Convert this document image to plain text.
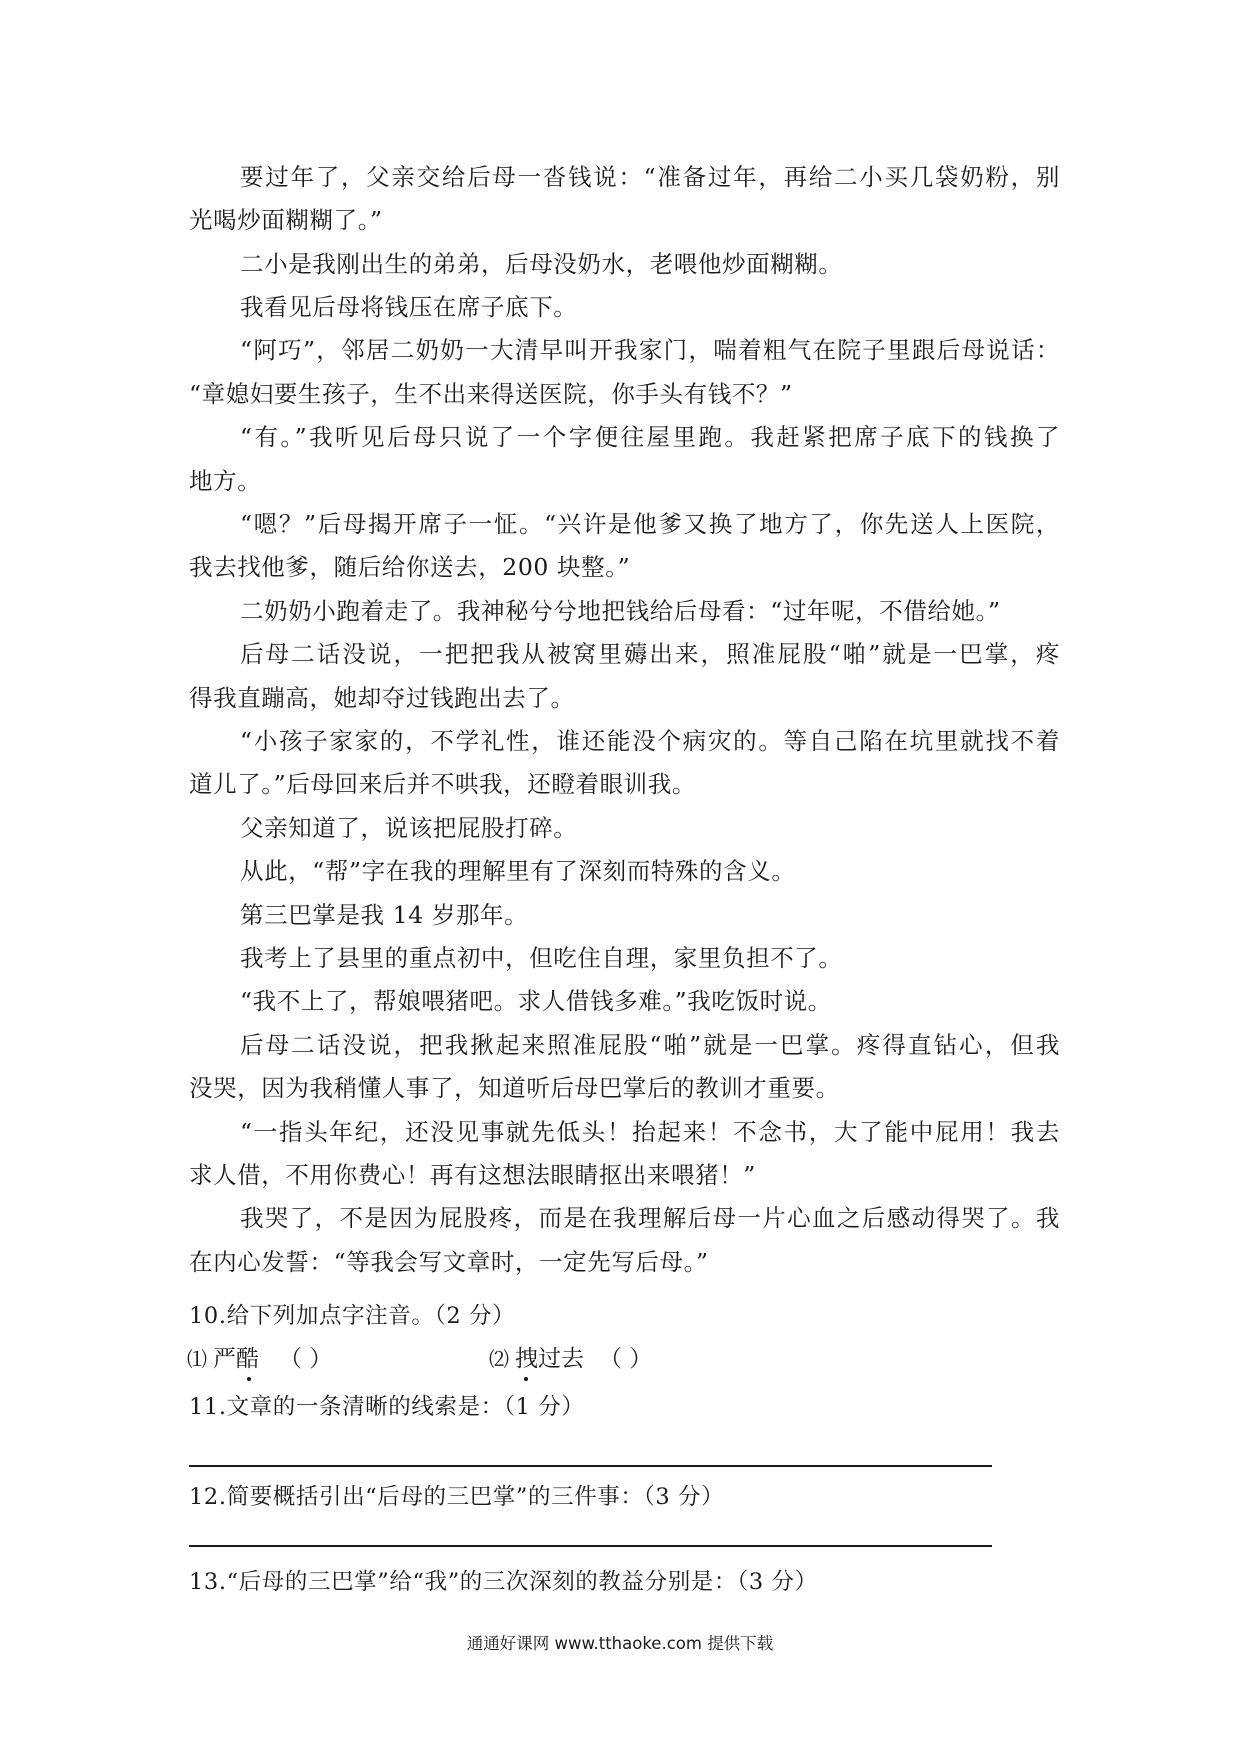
要过年了，父亲交给后母一沓钱说：“准备过年，再给二小买几袋奶粉，别
光喝炒面糊糊了。”
二小是我刚出生的弟弟，后母没奶水，老喂他炒面糊糊。
我看见后母将钱压在席子底下。
“阿巧”，邻居二奶奶一大清早叫开我家门，喘着粗气在院子里跟后母说话：
“章媳妇要生孩子，生不出来得送医院，你手头有钱不？”
“有。”我听见后母只说了一个字便往屋里跑。我赶紧把席子底下的钱换了
地方。
“嗯？”后母揭开席子一怔。“兴许是他爹又换了地方了，你先送人上医院，
我去找他爹，随后给你送去，200 块整。”
二奶奶小跑着走了。我神秘兮兮地把钱给后母看：“过年呢，不借给她。”
后母二话没说，一把把我从被窝里薅出来，照准屁股“啪”就是一巴掌，疼
得我直蹦高，她却夺过钱跑出去了。
“小孩子家家的，不学礼性，谁还能没个病灾的。等自己陷在坑里就找不着
道儿了。”后母回来后并不哄我，还瞪着眼训我。
父亲知道了，说该把屁股打碎。
从此，“帮”字在我的理解里有了深刻而特殊的含义。
第三巴掌是我 14 岁那年。
我考上了县里的重点初中，但吃住自理，家里负担不了。
“我不上了，帮娘喂猪吧。求人借钱多难。”我吃饭时说。
后母二话没说，把我揪起来照准屁股“啪”就是一巴掌。疼得直钻心，但我
没哭，因为我稍懂人事了，知道听后母巴掌后的教训才重要。
“一指头年纪，还没见事就先低头！抬起来！不念书，大了能中屁用！我去
求人借，不用你费心！再有这想法眼睛抠出来喂猪！”
我哭了，不是因为屁股疼，而是在我理解后母一片心血之后感动得哭了。我
在内心发誓：“等我会写文章时，一定先写后母。”
10.给下列加点字注音。（2 分）
⑴ 严酷 （ ）	⑵ 拽过去 （ ）
11.文章的一条清晰的线索是：（1 分）
12.简要概括引出“后母的三巴掌”的三件事：（3 分）
13.“后母的三巴掌”给“我”的三次深刻的教益分别是：（3 分）
通通好课网 www.tthaoke.com 提供下载
